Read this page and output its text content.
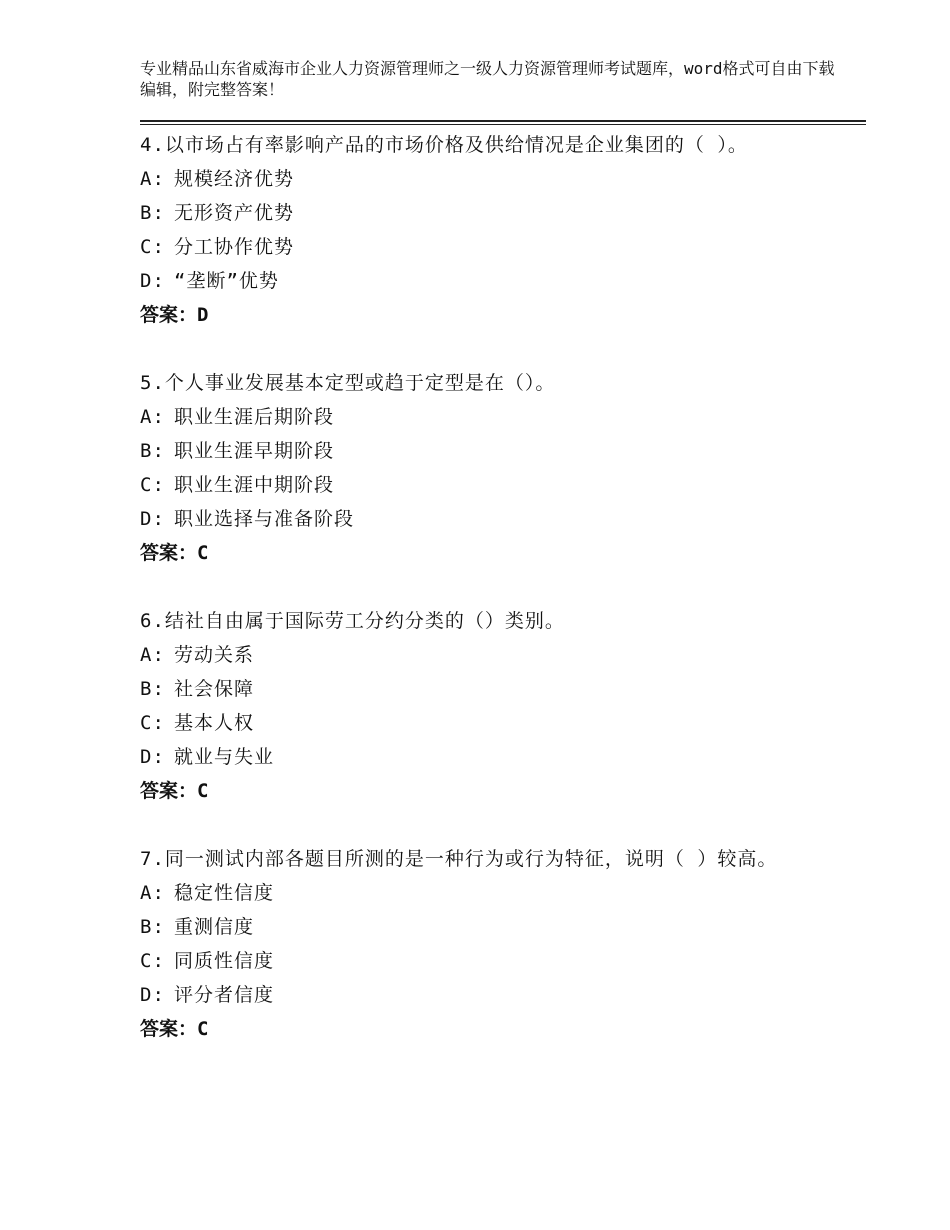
专业精品山东省威海市企业人力资源管理师之一级人力资源管理师考试题库，word格式可自由下载编辑，附完整答案！
4.以市场占有率影响产品的市场价格及供给情况是企业集团的（ ）。
A: 规模经济优势
B: 无形资产优势
C: 分工协作优势
D: “垄断”优势
答案：D
5.个人事业发展基本定型或趋于定型是在（）。
A: 职业生涯后期阶段
B: 职业生涯早期阶段
C: 职业生涯中期阶段
D: 职业选择与准备阶段
答案：C
6.结社自由属于国际劳工分约分类的（）类别。
A: 劳动关系
B: 社会保障
C: 基本人权
D: 就业与失业
答案：C
7.同一测试内部各题目所测的是一种行为或行为特征，说明（ ）较高。
A: 稳定性信度
B: 重测信度
C: 同质性信度
D: 评分者信度
答案：C
